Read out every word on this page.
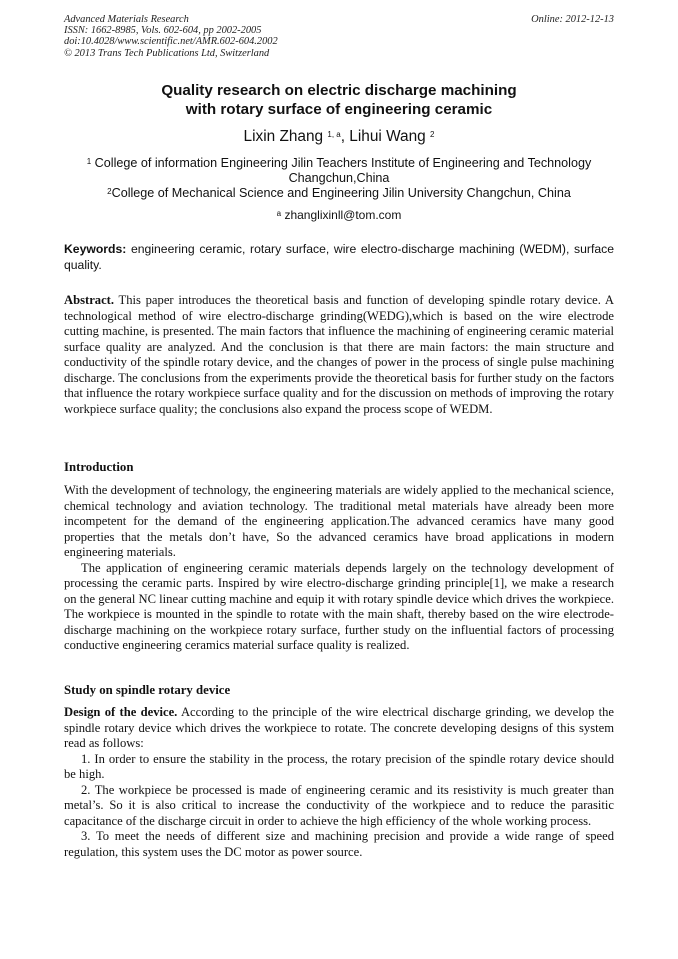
Advanced Materials Research
ISSN: 1662-8985, Vols. 602-604, pp 2002-2005
doi:10.4028/www.scientific.net/AMR.602-604.2002
© 2013 Trans Tech Publications Ltd, Switzerland
Online: 2012-12-13
Quality research on electric discharge machining
with rotary surface of engineering ceramic
Lixin Zhang $^{1, a}$, Lihui Wang $^2$
$^1$ College of information Engineering Jilin Teachers Institute of Engineering and Technology
Changchun,China
$^2$College of Mechanical Science and Engineering Jilin University Changchun, China
$^a$ zhanglixinll@tom.com
Keywords: engineering ceramic, rotary surface, wire electro-discharge machining (WEDM), surface quality.

Abstract. This paper introduces the theoretical basis and function of developing spindle rotary device. A technological method of wire electro-discharge grinding(WEDG),which is based on the wire electrode cutting machine, is presented. The main factors that influence the machining of engineering ceramic material surface quality are analyzed. And the conclusion is that there are main factors: the main structure and conductivity of the spindle rotary device, and the changes of power in the process of single pulse machining discharge. The conclusions from the experiments provide the theoretical basis for further study on the factors that influence the rotary workpiece surface quality and for the discussion on methods of improving the rotary workpiece surface quality; the conclusions also expand the process scope of WEDM.

Introduction

With the development of technology, the engineering materials are widely applied to the mechanical science, chemical technology and aviation technology. The traditional metal materials have already been more incompetent for the demand of the engineering application.The advanced ceramics have many good properties that the metals don’t have, So the advanced ceramics have broad applications in modern engineering materials.

The application of engineering ceramic materials depends largely on the technology development of processing the ceramic parts. Inspired by wire electro-discharge grinding principle[1], we make a research on the general NC linear cutting machine and equip it with rotary spindle device which drives the workpiece. The workpiece is mounted in the spindle to rotate with the main shaft, thereby based on the wire electrode-discharge machining on the workpiece rotary surface, further study on the influential factors of processing conductive engineering ceramics material surface quality is realized.

Study on spindle rotary device

Design of the device. According to the principle of the wire electrical discharge grinding, we develop the spindle rotary device which drives the workpiece to rotate. The concrete developing designs of this system read as follows:

1. In order to ensure the stability in the process, the rotary precision of the spindle rotary device should be high.

2. The workpiece be processed is made of engineering ceramic and its resistivity is much greater than metal’s. So it is also critical to increase the conductivity of the workpiece and to reduce the parasitic capacitance of the discharge circuit in order to achieve the high efficiency of the whole working process.

3. To meet the needs of different size and machining precision and provide a wide range of speed regulation, this system uses the DC motor as power source.
